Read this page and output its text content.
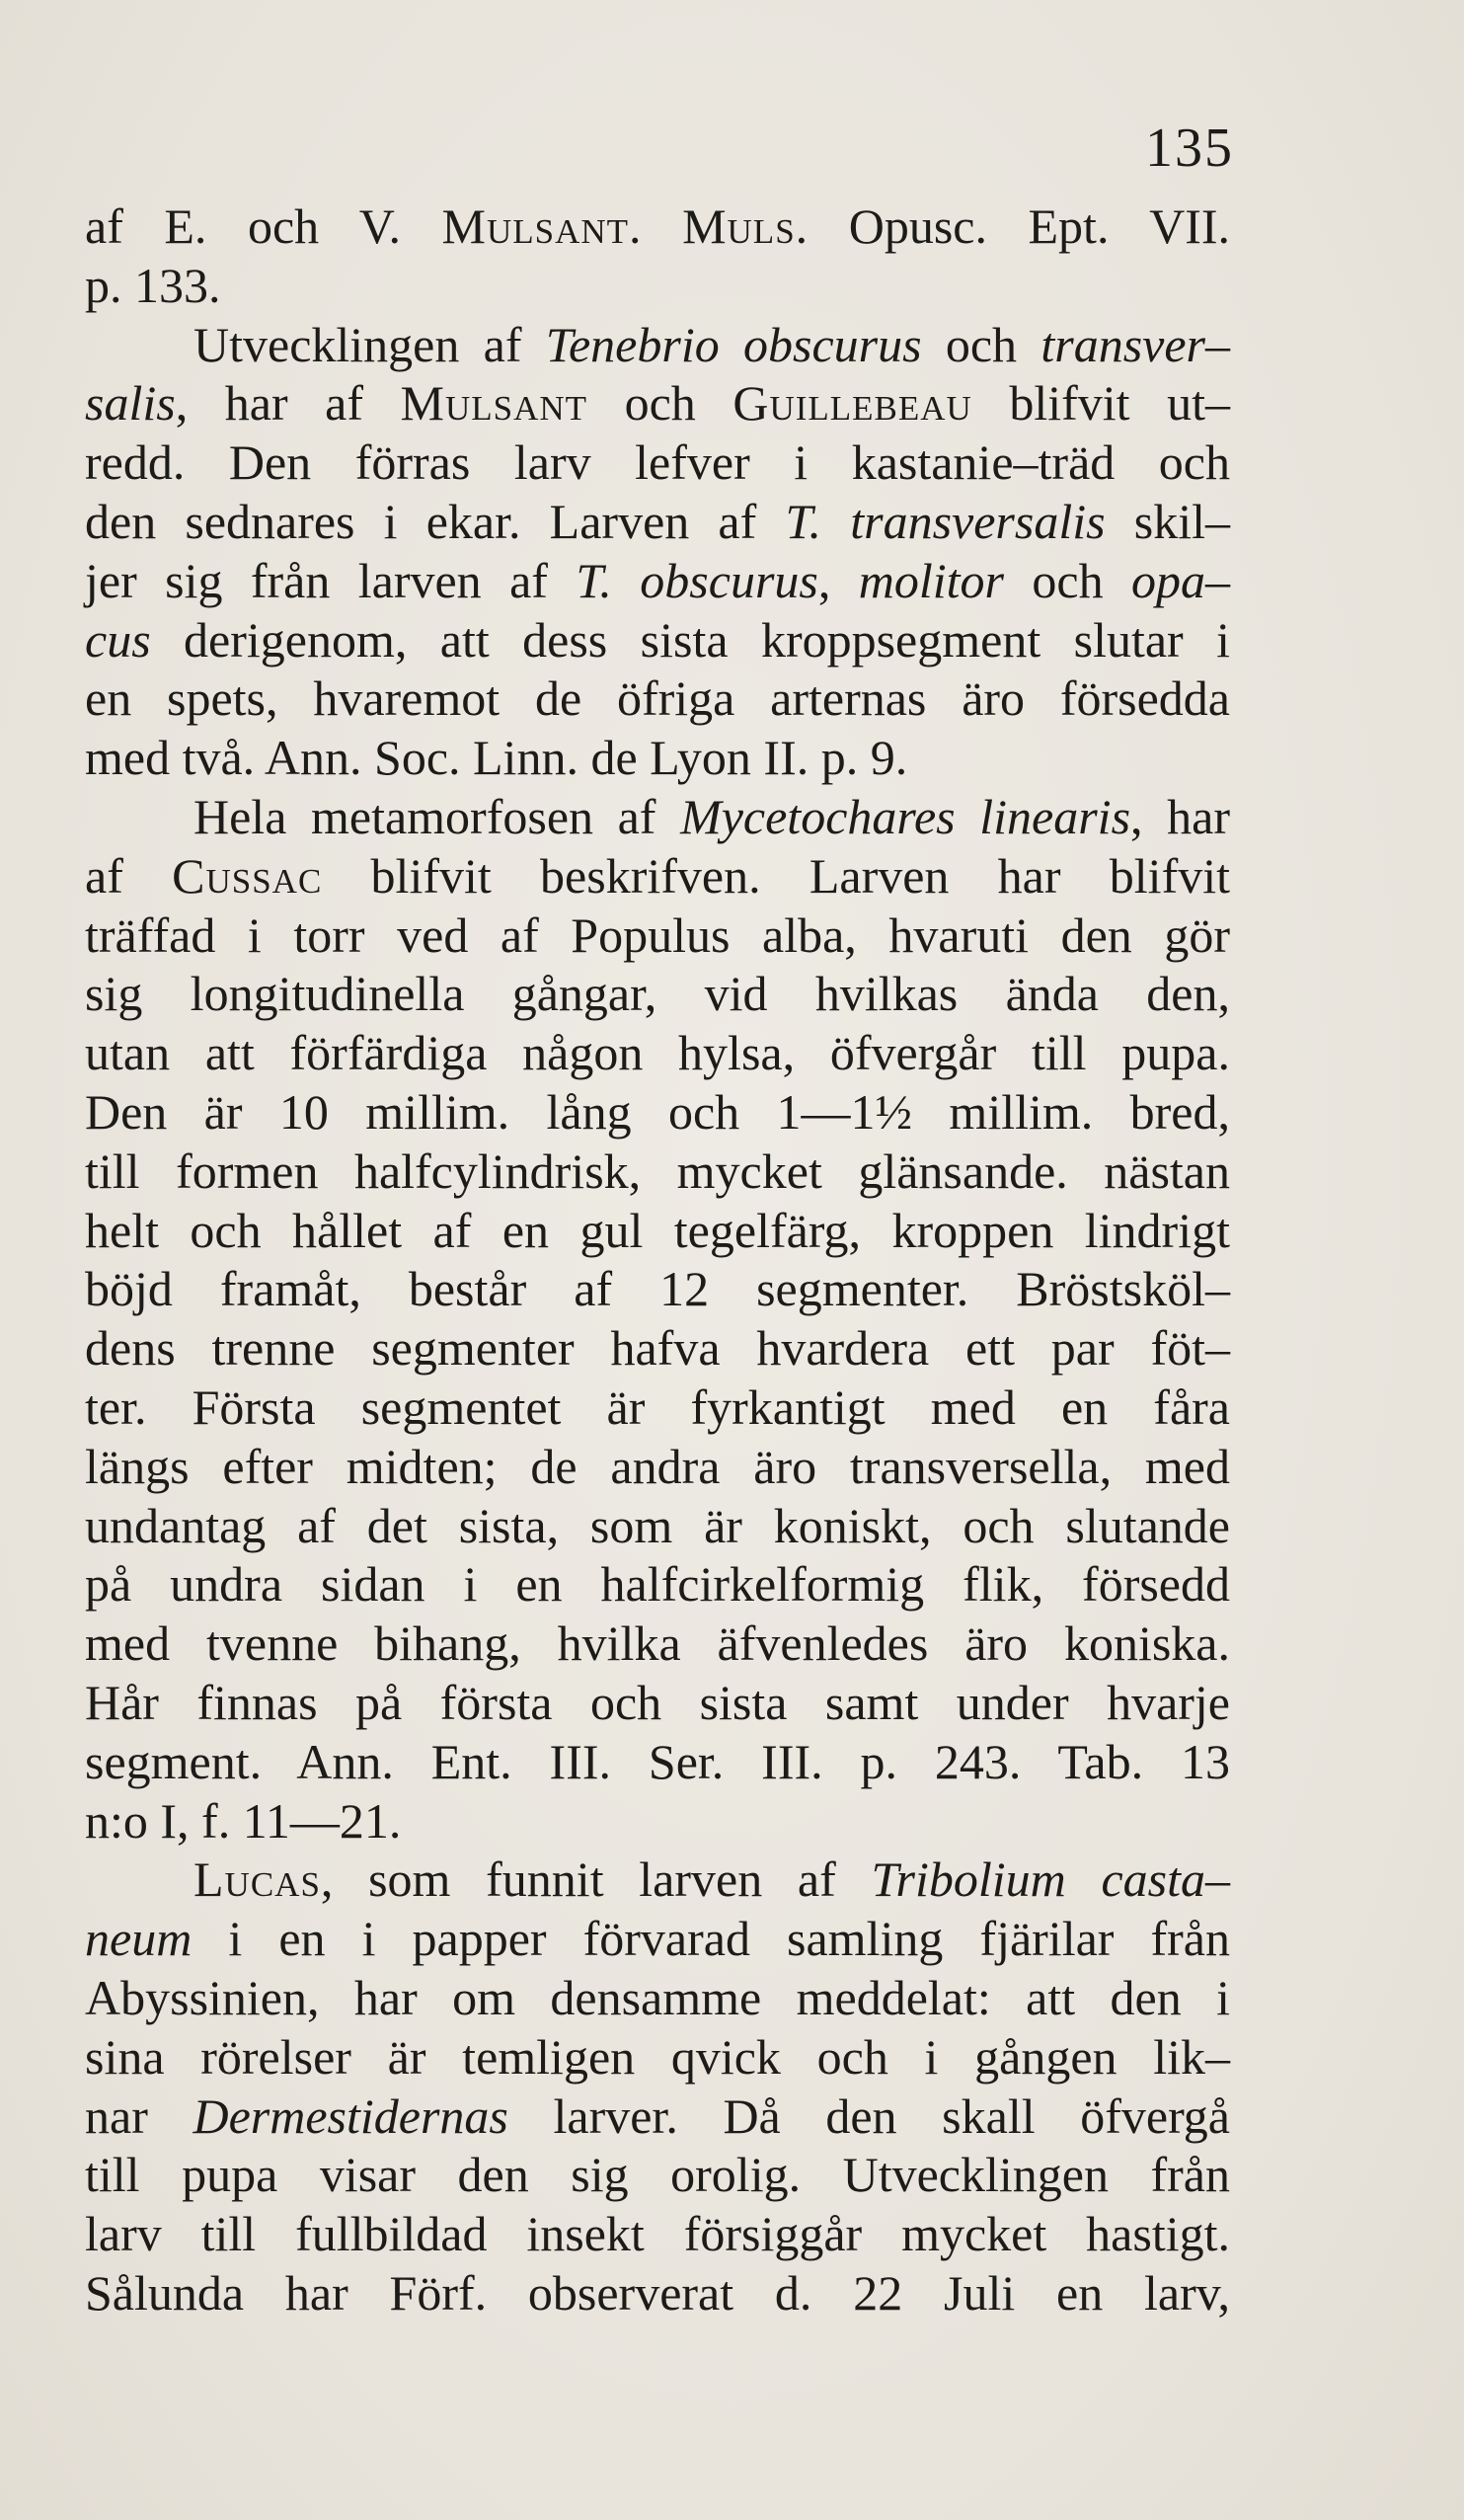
135
af E. och V. Mulsant. Muls. Opusc. Ept. VII.
p. 133.
Utvecklingen af Tenebrio obscurus och transver–
salis, har af Mulsant och Guillebeau blifvit ut–
redd. Den förras larv lefver i kastanie–träd och
den sednares i ekar. Larven af T. transversalis skil–
jer sig från larven af T. obscurus, molitor och opa–
cus derigenom, att dess sista kroppsegment slutar i
en spets, hvaremot de öfriga arternas äro försedda
med två. Ann. Soc. Linn. de Lyon II. p. 9.
Hela metamorfosen af Mycetochares linearis, har
af Cussac blifvit beskrifven. Larven har blifvit
träffad i torr ved af Populus alba, hvaruti den gör
sig longitudinella gångar, vid hvilkas ända den,
utan att förfärdiga någon hylsa, öfvergår till pupa.
Den är 10 millim. lång och 1—1½ millim. bred,
till formen halfcylindrisk, mycket glänsande. nästan
helt och hållet af en gul tegelfärg, kroppen lindrigt
böjd framåt, består af 12 segmenter. Bröstsköl–
dens trenne segmenter hafva hvardera ett par föt–
ter. Första segmentet är fyrkantigt med en fåra
längs efter midten; de andra äro transversella, med
undantag af det sista, som är koniskt, och slutande
på undra sidan i en halfcirkelformig flik, försedd
med tvenne bihang, hvilka äfvenledes äro koniska.
Hår finnas på första och sista samt under hvarje
segment. Ann. Ent. III. Ser. III. p. 243. Tab. 13
n:o I, f. 11—21.
Lucas, som funnit larven af Tribolium casta–
neum i en i papper förvarad samling fjärilar från
Abyssinien, har om densamme meddelat: att den i
sina rörelser är temligen qvick och i gången lik–
nar Dermestidernas larver. Då den skall öfvergå
till pupa visar den sig orolig. Utvecklingen från
larv till fullbildad insekt försiggår mycket hastigt.
Sålunda har Förf. observerat d. 22 Juli en larv,
